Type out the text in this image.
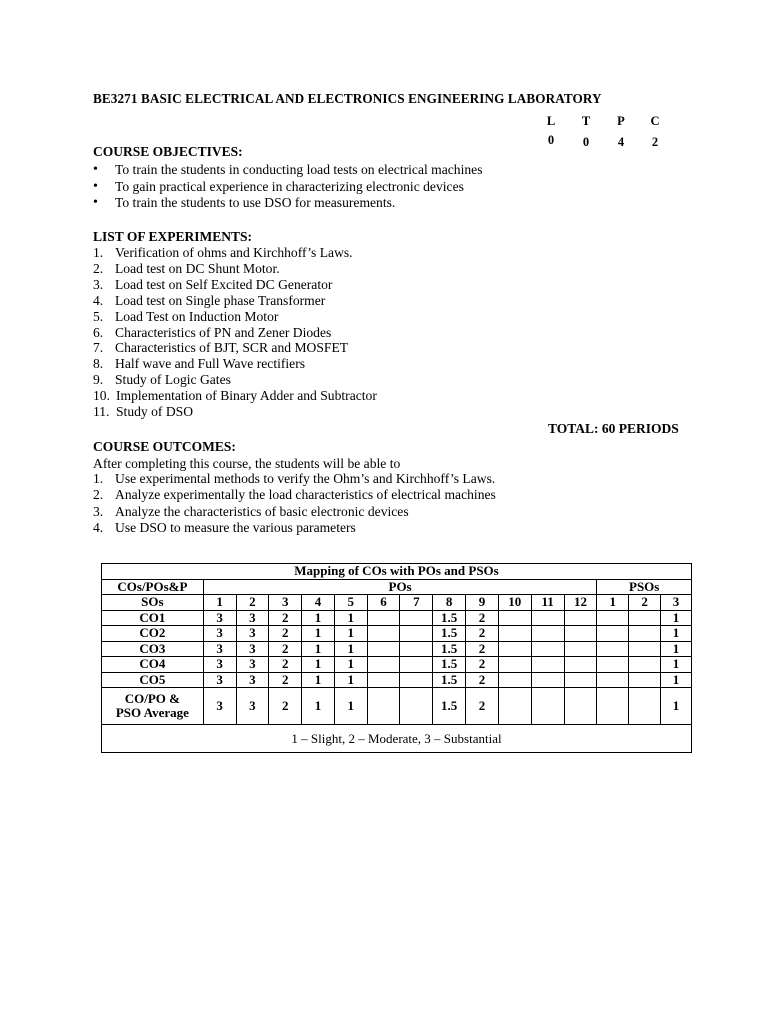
BE3271 BASIC ELECTRICAL AND ELECTRONICS ENGINEERING LABORATORY
L	T	P	C
0	0	4	2
COURSE OBJECTIVES:
• To train the students in conducting load tests on electrical machines
• To gain practical experience in characterizing electronic devices
• To train the students to use DSO for measurements.
LIST OF EXPERIMENTS:
1. Verification of ohms and Kirchhoff’s Laws.
2. Load test on DC Shunt Motor.
3. Load test on Self Excited DC Generator
4. Load test on Single phase Transformer
5. Load Test on Induction Motor
6. Characteristics of PN and Zener Diodes
7. Characteristics of BJT, SCR and MOSFET
8. Half wave and Full Wave rectifiers
9. Study of Logic Gates
10. Implementation of Binary Adder and Subtractor
11. Study of DSO
TOTAL: 60 PERIODS
COURSE OUTCOMES:
After completing this course, the students will be able to
1. Use experimental methods to verify the Ohm’s and Kirchhoff’s Laws.
2. Analyze experimentally the load characteristics of electrical machines
3. Analyze the characteristics of basic electronic devices
4. Use DSO to measure the various parameters
Mapping of COs with POs and PSOs															
COs/POs&P	POs												PSOs		
SOs	1	2	3	4	5	6	7	8	9	10	11	12	1	2	3
CO1	3	3	2	1	1			1.5	2						1
CO2	3	3	2	1	1			1.5	2						1
CO3	3	3	2	1	1			1.5	2						1
CO4	3	3	2	1	1			1.5	2						1
CO5	3	3	2	1	1			1.5	2						1
CO/PO &
PSO Average	3	3	2	1	1			1.5	2						1
1 – Slight, 2 – Moderate, 3 – Substantial															
